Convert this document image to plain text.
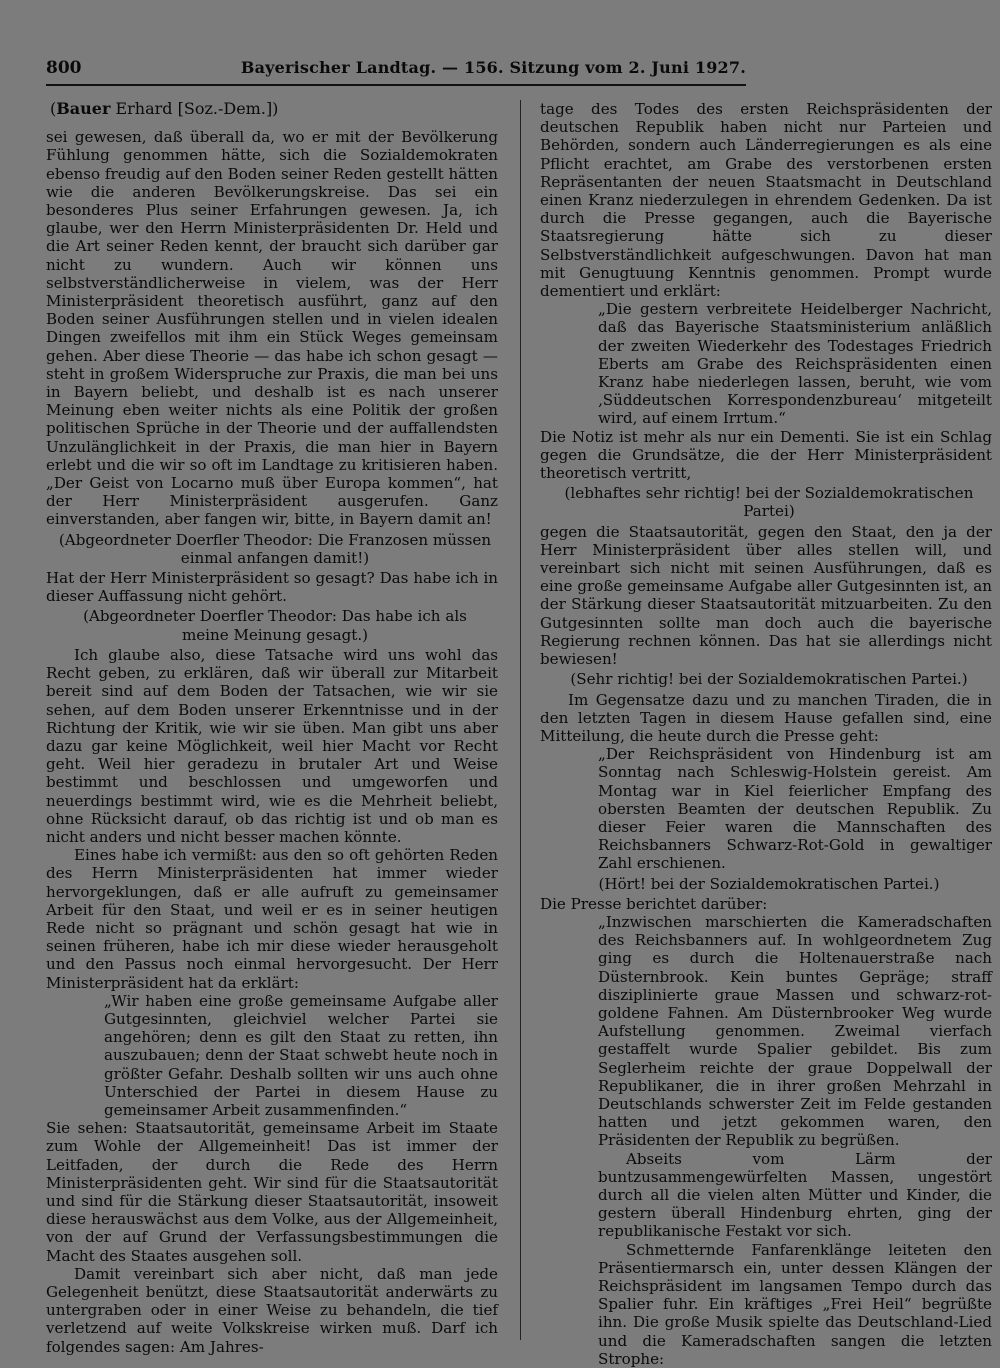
800	Bayerischer Landtag. — 156. Sitzung vom 2. Juni 1927.

(Bauer Erhard [Soz.-Dem.])

sei gewesen, daß überall da, wo er mit der Bevölkerung Fühlung genommen hätte, sich die Sozialdemokraten ebenso freudig auf den Boden seiner Reden gestellt hätten wie die anderen Bevölkerungskreise. Das sei ein besonderes Plus seiner Erfahrungen gewesen. Ja, ich glaube, wer den Herrn Ministerpräsidenten Dr. Held und die Art seiner Reden kennt, der braucht sich darüber gar nicht zu wundern. Auch wir können uns selbstverständlicherweise in vielem, was der Herr Ministerpräsident theoretisch ausführt, ganz auf den Boden seiner Ausführungen stellen und in vielen idealen Dingen zweifellos mit ihm ein Stück Weges gemeinsam gehen. Aber diese Theorie — das habe ich schon gesagt — steht in großem Widerspruche zur Praxis, die man bei uns in Bayern beliebt, und deshalb ist es nach unserer Meinung eben weiter nichts als eine Politik der großen politischen Sprüche in der Theorie und der auffallendsten Unzulänglichkeit in der Praxis, die man hier in Bayern erlebt und die wir so oft im Landtage zu kritisieren haben. „Der Geist von Locarno muß über Europa kommen“, hat der Herr Ministerpräsident ausgerufen. Ganz einverstanden, aber fangen wir, bitte, in Bayern damit an!

(Abgeordneter Doerfler Theodor: Die Franzosen müssen einmal anfangen damit!)

Hat der Herr Ministerpräsident so gesagt? Das habe ich in dieser Auffassung nicht gehört.

(Abgeordneter Doerfler Theodor: Das habe ich als meine Meinung gesagt.)

Ich glaube also, diese Tatsache wird uns wohl das Recht geben, zu erklären, daß wir überall zur Mitarbeit bereit sind auf dem Boden der Tatsachen, wie wir sie sehen, auf dem Boden unserer Erkenntnisse und in der Richtung der Kritik, wie wir sie üben. Man gibt uns aber dazu gar keine Möglichkeit, weil hier Macht vor Recht geht. Weil hier geradezu in brutaler Art und Weise bestimmt und beschlossen und umgeworfen und neuerdings bestimmt wird, wie es die Mehrheit beliebt, ohne Rücksicht darauf, ob das richtig ist und ob man es nicht anders und nicht besser machen könnte.

Eines habe ich vermißt: aus den so oft gehörten Reden des Herrn Ministerpräsidenten hat immer wieder hervorgeklungen, daß er alle aufruft zu gemeinsamer Arbeit für den Staat, und weil er es in seiner heutigen Rede nicht so prägnant und schön gesagt hat wie in seinen früheren, habe ich mir diese wieder herausgeholt und den Passus noch einmal hervorgesucht. Der Herr Ministerpräsident hat da erklärt:

„Wir haben eine große gemeinsame Aufgabe aller Gutgesinnten, gleichviel welcher Partei sie angehören; denn es gilt den Staat zu retten, ihn auszubauen; denn der Staat schwebt heute noch in größter Gefahr. Deshalb sollten wir uns auch ohne Unterschied der Partei in diesem Hause zu gemeinsamer Arbeit zusammenfinden.“

Sie sehen: Staatsautorität, gemeinsame Arbeit im Staate zum Wohle der Allgemeinheit! Das ist immer der Leitfaden, der durch die Rede des Herrn Ministerpräsidenten geht. Wir sind für die Staatsautorität und sind für die Stärkung dieser Staatsautorität, insoweit diese herauswächst aus dem Volke, aus der Allgemeinheit, von der auf Grund der Verfassungsbestimmungen die Macht des Staates ausgehen soll.

Damit vereinbart sich aber nicht, daß man jede Gelegenheit benützt, diese Staatsautorität anderwärts zu untergraben oder in einer Weise zu behandeln, die tief verletzend auf weite Volkskreise wirken muß. Darf ich folgendes sagen: Am Jahres-

tage des Todes des ersten Reichspräsidenten der deutschen Republik haben nicht nur Parteien und Behörden, sondern auch Länderregierungen es als eine Pflicht erachtet, am Grabe des verstorbenen ersten Repräsentanten der neuen Staatsmacht in Deutschland einen Kranz niederzulegen in ehrendem Gedenken. Da ist durch die Presse gegangen, auch die Bayerische Staatsregierung hätte sich zu dieser Selbstverständlichkeit aufgeschwungen. Davon hat man mit Genugtuung Kenntnis genommen. Prompt wurde dementiert und erklärt:

„Die gestern verbreitete Heidelberger Nachricht, daß das Bayerische Staatsministerium anläßlich der zweiten Wiederkehr des Todestages Friedrich Eberts am Grabe des Reichspräsidenten einen Kranz habe niederlegen lassen, beruht, wie vom ‚Süddeutschen Korrespondenzbureau‘ mitgeteilt wird, auf einem Irrtum.“

Die Notiz ist mehr als nur ein Dementi. Sie ist ein Schlag gegen die Grundsätze, die der Herr Ministerpräsident theoretisch vertritt,

(lebhaftes sehr richtig! bei der Sozialdemokratischen Partei)

gegen die Staatsautorität, gegen den Staat, den ja der Herr Ministerpräsident über alles stellen will, und vereinbart sich nicht mit seinen Ausführungen, daß es eine große gemeinsame Aufgabe aller Gutgesinnten ist, an der Stärkung dieser Staatsautorität mitzuarbeiten. Zu den Gutgesinnten sollte man doch auch die bayerische Regierung rechnen können. Das hat sie allerdings nicht bewiesen!

(Sehr richtig! bei der Sozialdemokratischen Partei.)

Im Gegensatze dazu und zu manchen Tiraden, die in den letzten Tagen in diesem Hause gefallen sind, eine Mitteilung, die heute durch die Presse geht:

„Der Reichspräsident von Hindenburg ist am Sonntag nach Schleswig-Holstein gereist. Am Montag war in Kiel feierlicher Empfang des obersten Beamten der deutschen Republik. Zu dieser Feier waren die Mannschaften des Reichsbanners Schwarz-Rot-Gold in gewaltiger Zahl erschienen.

(Hört! bei der Sozialdemokratischen Partei.)

Die Presse berichtet darüber:

„Inzwischen marschierten die Kameradschaften des Reichsbanners auf. In wohlgeordnetem Zug ging es durch die Holtenauerstraße nach Düsternbrook. Kein buntes Gepräge; straff disziplinierte graue Massen und schwarz-rot-goldene Fahnen. Am Düsternbrooker Weg wurde Aufstellung genommen. Zweimal vierfach gestaffelt wurde Spalier gebildet. Bis zum Seglerheim reichte der graue Doppelwall der Republikaner, die in ihrer großen Mehrzahl in Deutschlands schwerster Zeit im Felde gestanden hatten und jetzt gekommen waren, den Präsidenten der Republik zu begrüßen.

Abseits vom Lärm der buntzusammengewürfelten Massen, ungestört durch all die vielen alten Mütter und Kinder, die gestern überall Hindenburg ehrten, ging der republikanische Festakt vor sich.

Schmetternde Fanfarenklänge leiteten den Präsentiermarsch ein, unter dessen Klängen der Reichspräsident im langsamen Tempo durch das Spalier fuhr. Ein kräftiges „Frei Heil“ begrüßte ihn. Die große Musik spielte das Deutschland-Lied und die Kameradschaften sangen die letzten Strophe:
